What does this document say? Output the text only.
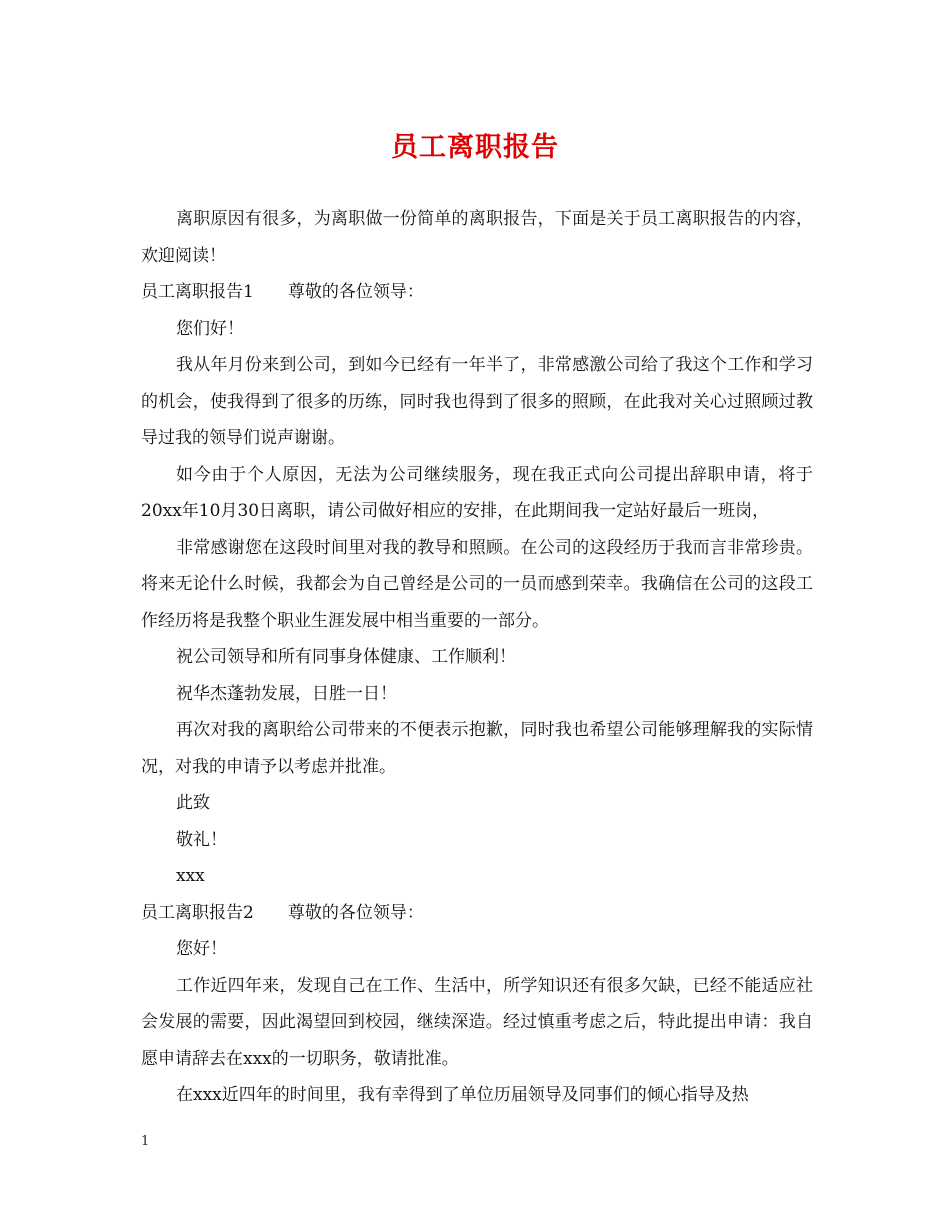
员工离职报告

离职原因有很多，为离职做一份简单的离职报告，下面是关于员工离职报告的内容，欢迎阅读！

员工离职报告1　　尊敬的各位领导：

您们好！

我从年月份来到公司，到如今已经有一年半了，非常感激公司给了我这个工作和学习的机会，使我得到了很多的历练，同时我也得到了很多的照顾，在此我对关心过照顾过教导过我的领导们说声谢谢。

如今由于个人原因，无法为公司继续服务，现在我正式向公司提出辞职申请，将于20xx年10月30日离职，请公司做好相应的安排，在此期间我一定站好最后一班岗，

非常感谢您在这段时间里对我的教导和照顾。在公司的这段经历于我而言非常珍贵。将来无论什么时候，我都会为自己曾经是公司的一员而感到荣幸。我确信在公司的这段工作经历将是我整个职业生涯发展中相当重要的一部分。

祝公司领导和所有同事身体健康、工作顺利！

祝华杰蓬勃发展，日胜一日！

再次对我的离职给公司带来的不便表示抱歉，同时我也希望公司能够理解我的实际情况，对我的申请予以考虑并批准。

此致

敬礼！

xxx

员工离职报告2　　尊敬的各位领导：

您好！

工作近四年来，发现自己在工作、生活中，所学知识还有很多欠缺，已经不能适应社会发展的需要，因此渴望回到校园，继续深造。经过慎重考虑之后，特此提出申请：我自愿申请辞去在xxx的一切职务，敬请批准。

在xxx近四年的时间里，我有幸得到了单位历届领导及同事们的倾心指导及热

1
